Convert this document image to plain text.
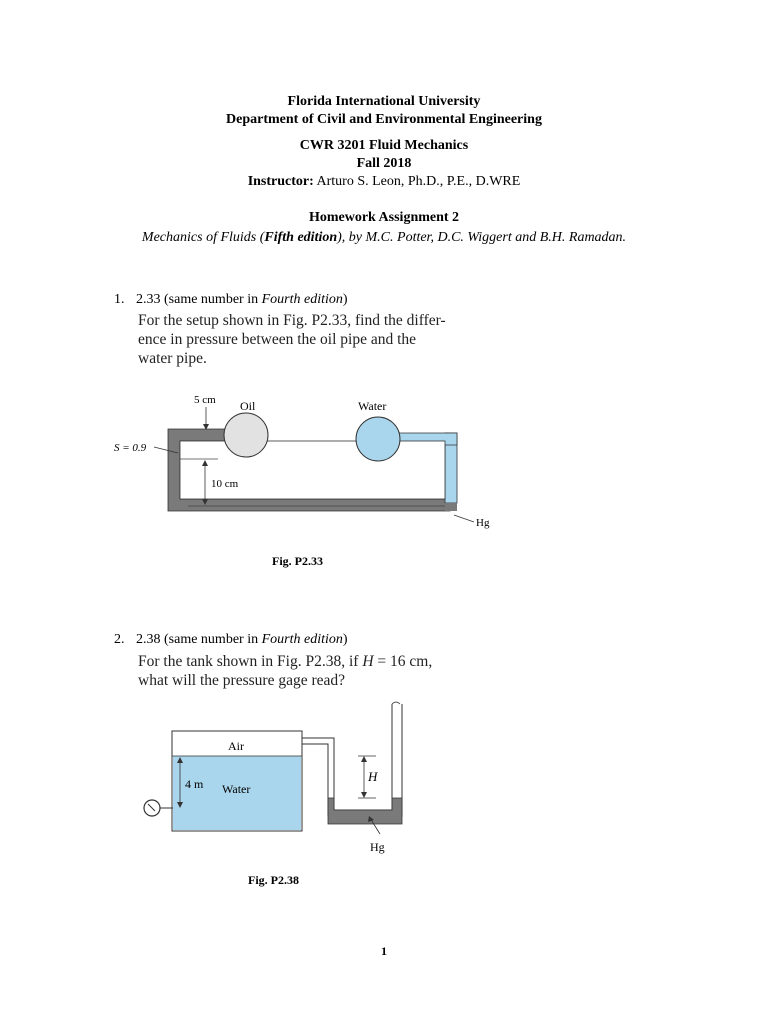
Florida International University
Department of Civil and Environmental Engineering
CWR 3201 Fluid Mechanics
Fall 2018
Instructor: Arturo S. Leon, Ph.D., P.E., D.WRE
Homework Assignment 2
Mechanics of Fluids (Fifth edition), by M.C. Potter, D.C. Wiggert and B.H. Ramadan.
1. 2.33 (same number in Fourth edition)
For the setup shown in Fig. P2.33, find the differ-
ence in pressure between the oil pipe and the
water pipe.
5 cm Oil	Water
S = 0.9
10 cm
Hg
Fig. P2.33
2. 2.38 (same number in Fourth edition)
For the tank shown in Fig. P2.38, if H = 16 cm,
what will the pressure gage read?
Air
Water
4 m	H
Hg
Fig. P2.38
1
